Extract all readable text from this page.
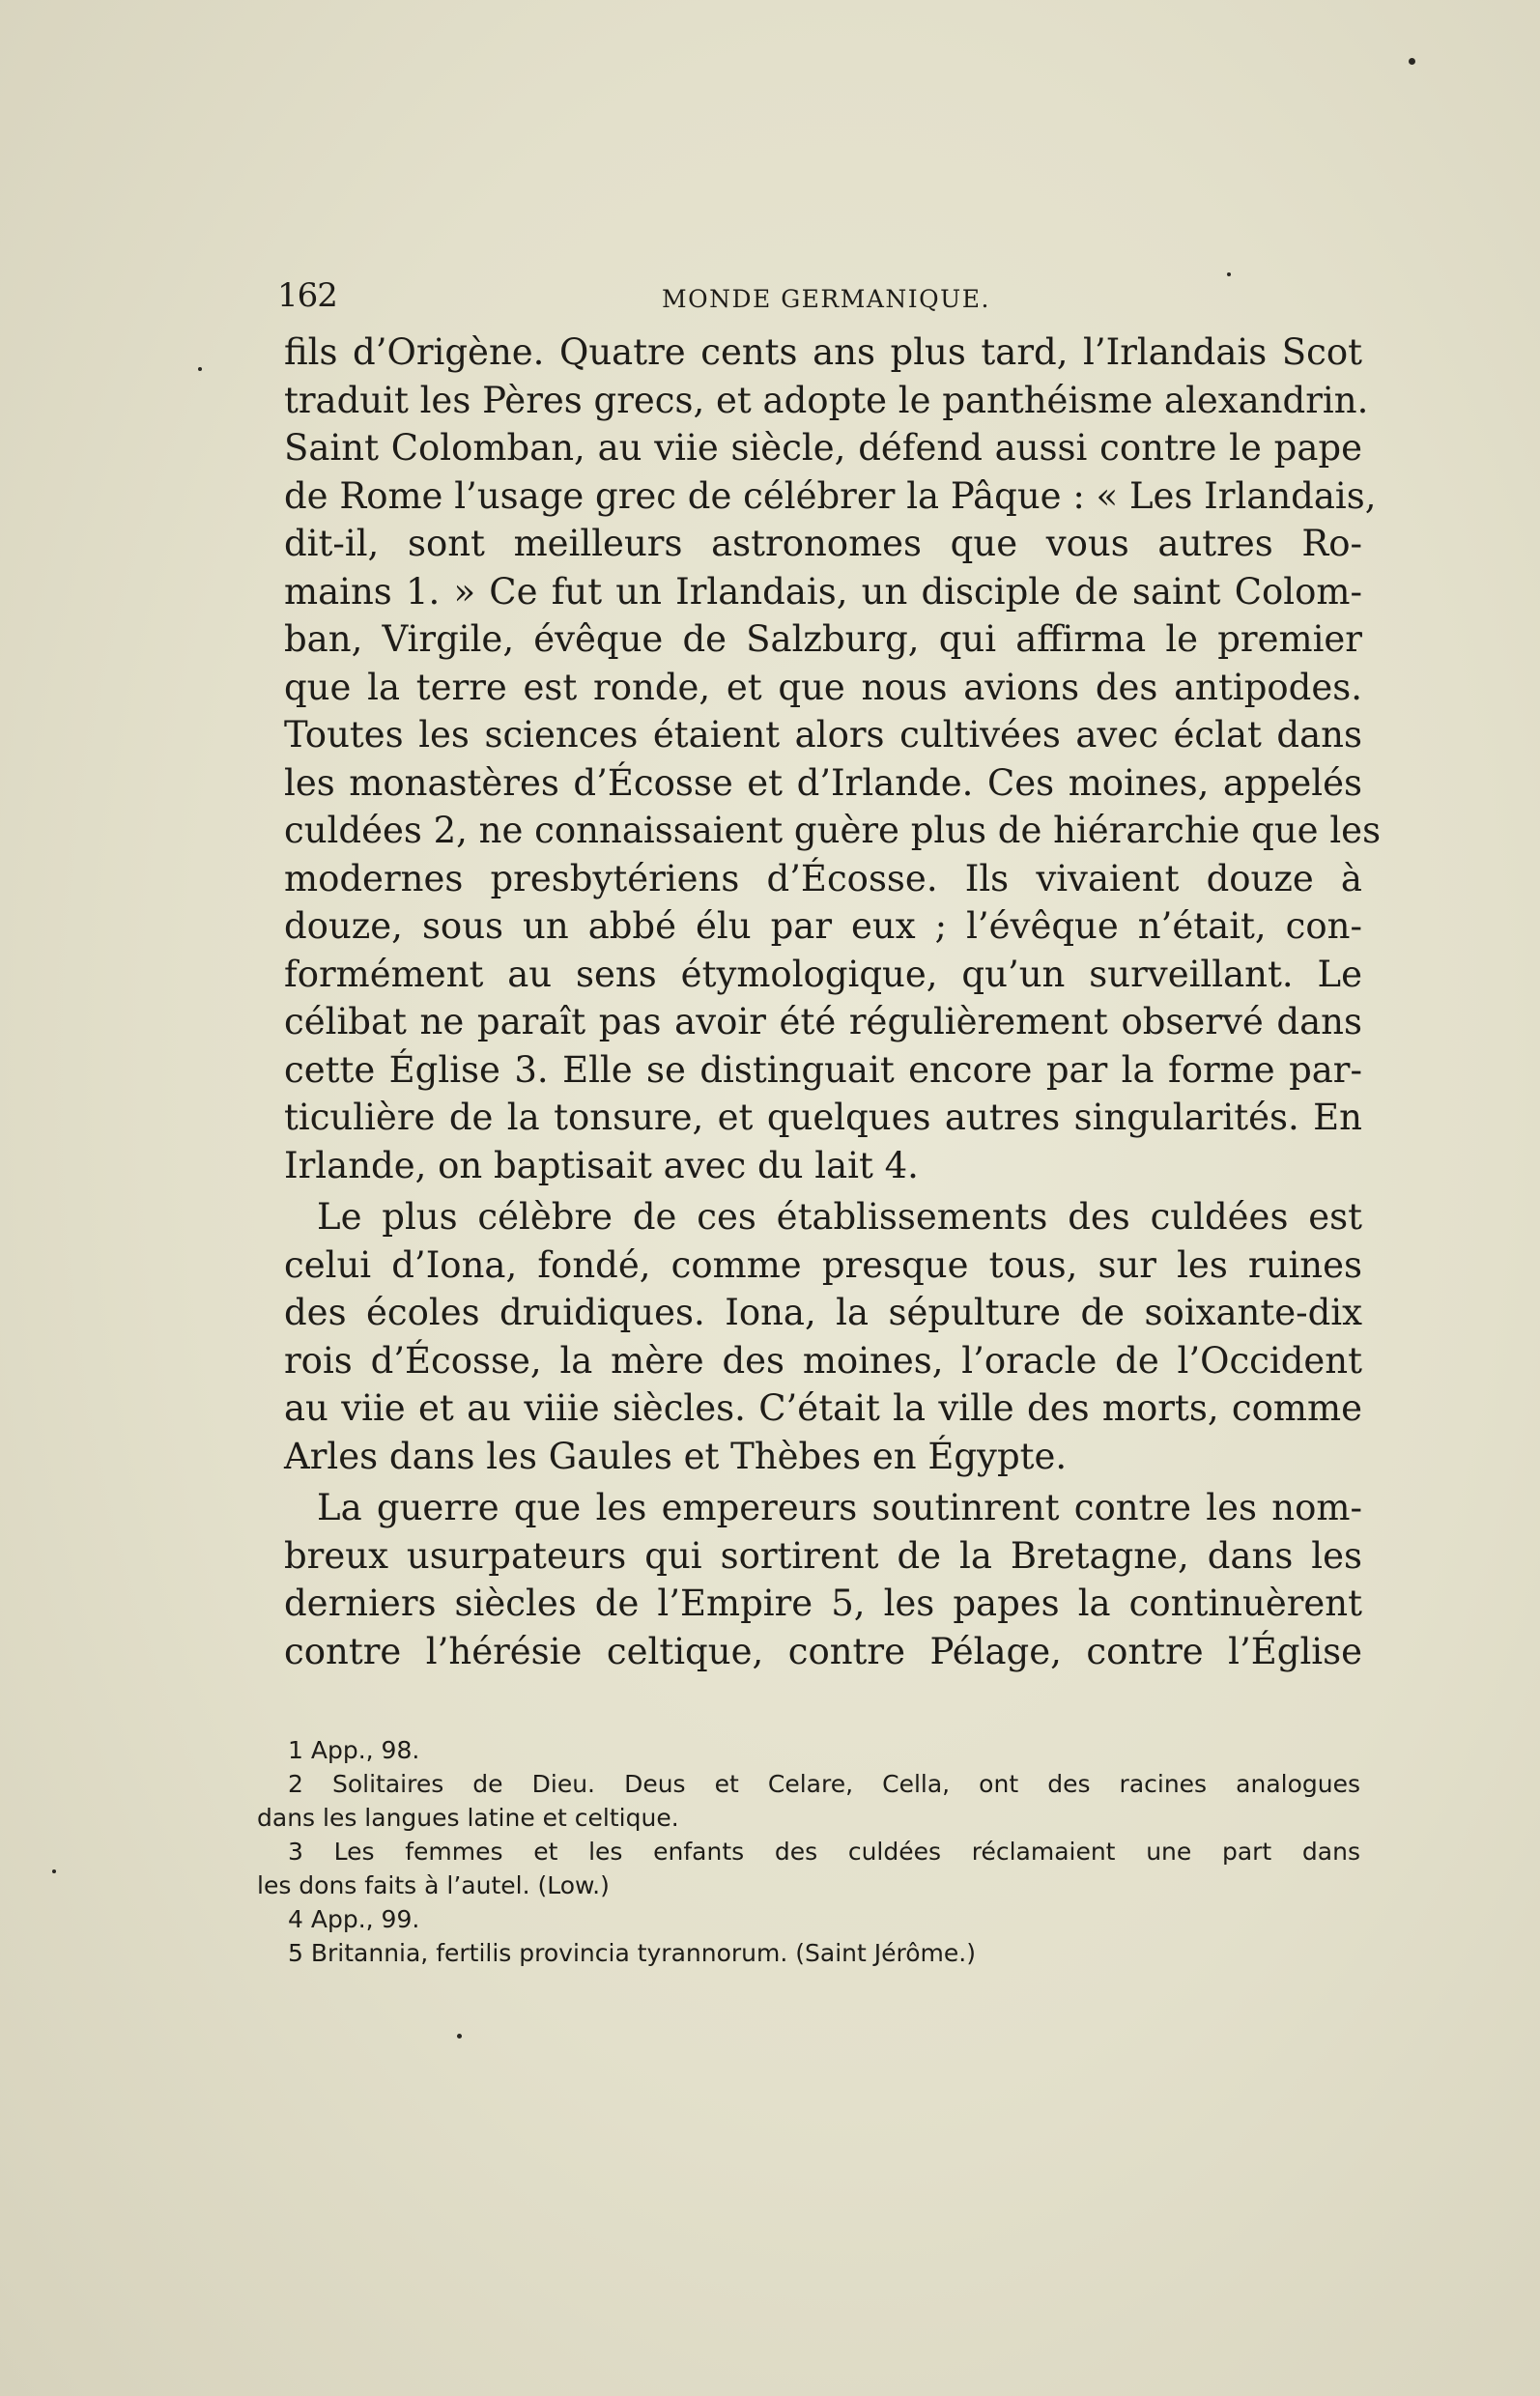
162	MONDE GERMANIQUE.
fils d’Origène. Quatre cents ans plus tard, l’Irlandais Scot
traduit les Pères grecs, et adopte le panthéisme alexandrin.
Saint Colomban, au viie siècle, défend aussi contre le pape
de Rome l’usage grec de célébrer la Pâque : « Les Irlandais,
dit-il, sont meilleurs astronomes que vous autres Ro-
mains 1. » Ce fut un Irlandais, un disciple de saint Colom-
ban, Virgile, évêque de Salzburg, qui affirma le premier
que la terre est ronde, et que nous avions des antipodes.
Toutes les sciences étaient alors cultivées avec éclat dans
les monastères d’Écosse et d’Irlande. Ces moines, appelés
culdées 2, ne connaissaient guère plus de hiérarchie que les
modernes presbytériens d’Écosse. Ils vivaient douze à
douze, sous un abbé élu par eux ; l’évêque n’était, con-
formément au sens étymologique, qu’un surveillant. Le
célibat ne paraît pas avoir été régulièrement observé dans
cette Église 3. Elle se distinguait encore par la forme par-
ticulière de la tonsure, et quelques autres singularités. En
Irlande, on baptisait avec du lait 4.
Le plus célèbre de ces établissements des culdées est
celui d’Iona, fondé, comme presque tous, sur les ruines
des écoles druidiques. Iona, la sépulture de soixante-dix
rois d’Écosse, la mère des moines, l’oracle de l’Occident
au viie et au viiie siècles. C’était la ville des morts, comme
Arles dans les Gaules et Thèbes en Égypte.
La guerre que les empereurs soutinrent contre les nom-
breux usurpateurs qui sortirent de la Bretagne, dans les
derniers siècles de l’Empire 5, les papes la continuèrent
contre l’hérésie celtique, contre Pélage, contre l’Église
1 App., 98.
2 Solitaires de Dieu. Deus et Celare, Cella, ont des racines analogues
dans les langues latine et celtique.
3 Les femmes et les enfants des culdées réclamaient une part dans
les dons faits à l’autel. (Low.)
4 App., 99.
5 Britannia, fertilis provincia tyrannorum. (Saint Jérôme.)
